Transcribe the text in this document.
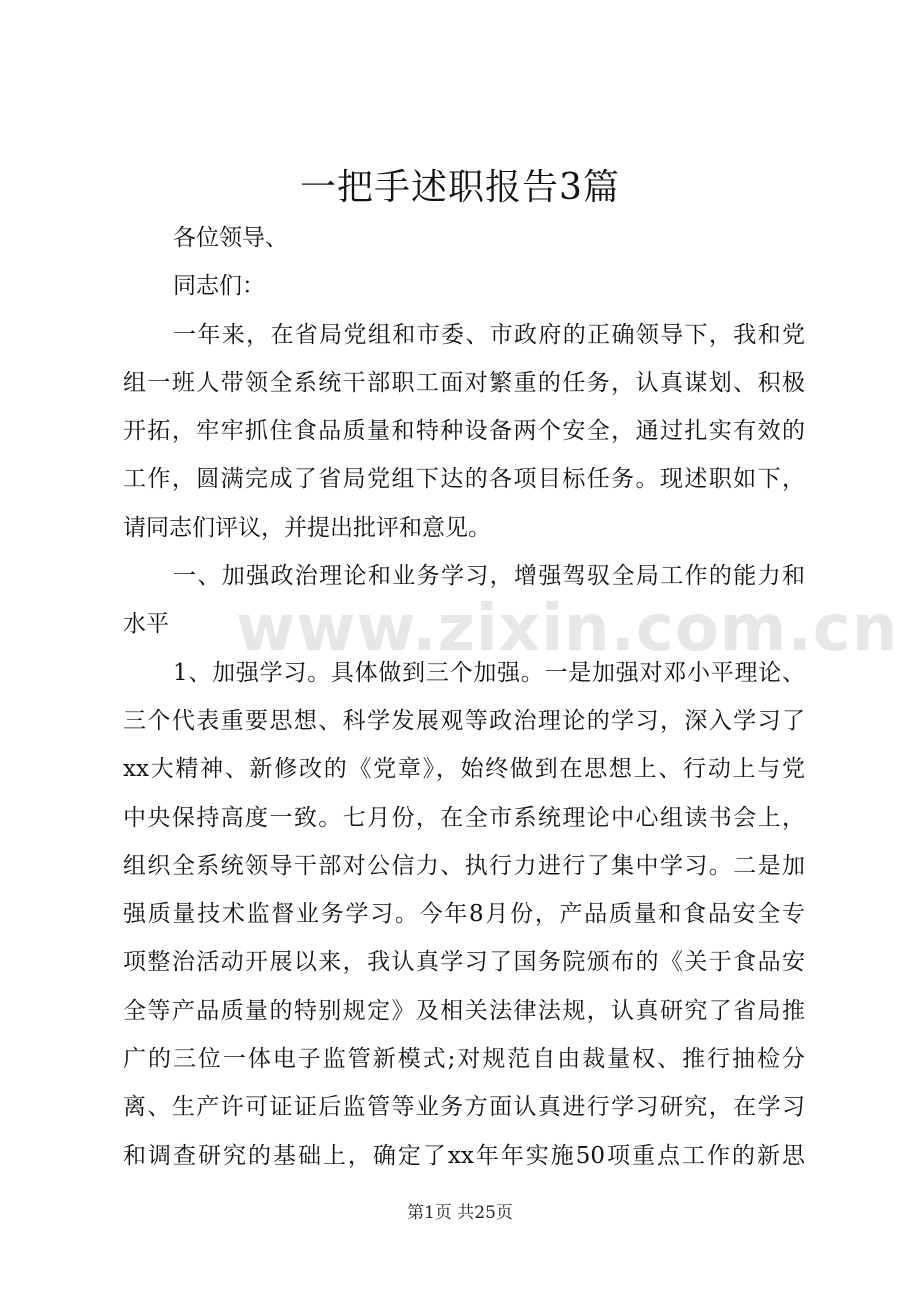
www.zixin.com.cn
一把手述职报告3篇
各位领导、
同志们：
一年来，在省局党组和市委、市政府的正确领导下，我和党
组一班人带领全系统干部职工面对繁重的任务，认真谋划、积极
开拓，牢牢抓住食品质量和特种设备两个安全，通过扎实有效的
工作，圆满完成了省局党组下达的各项目标任务。现述职如下，
请同志们评议，并提出批评和意见。
一、加强政治理论和业务学习，增强驾驭全局工作的能力和
水平
1、加强学习。具体做到三个加强。一是加强对邓小平理论、
三个代表重要思想、科学发展观等政治理论的学习，深入学习了
xx大精神、新修改的《党章》，始终做到在思想上、行动上与党
中央保持高度一致。七月份，在全市系统理论中心组读书会上，
组织全系统领导干部对公信力、执行力进行了集中学习。二是加
强质量技术监督业务学习。今年8月份，产品质量和食品安全专
项整治活动开展以来，我认真学习了国务院颁布的《关于食品安
全等产品质量的特别规定》及相关法律法规，认真研究了省局推
广的三位一体电子监管新模式;对规范自由裁量权、推行抽检分
离、生产许可证证后监管等业务方面认真进行学习研究，在学习
和调查研究的基础上，确定了xx年年实施50项重点工作的新思
第1页 共25页
